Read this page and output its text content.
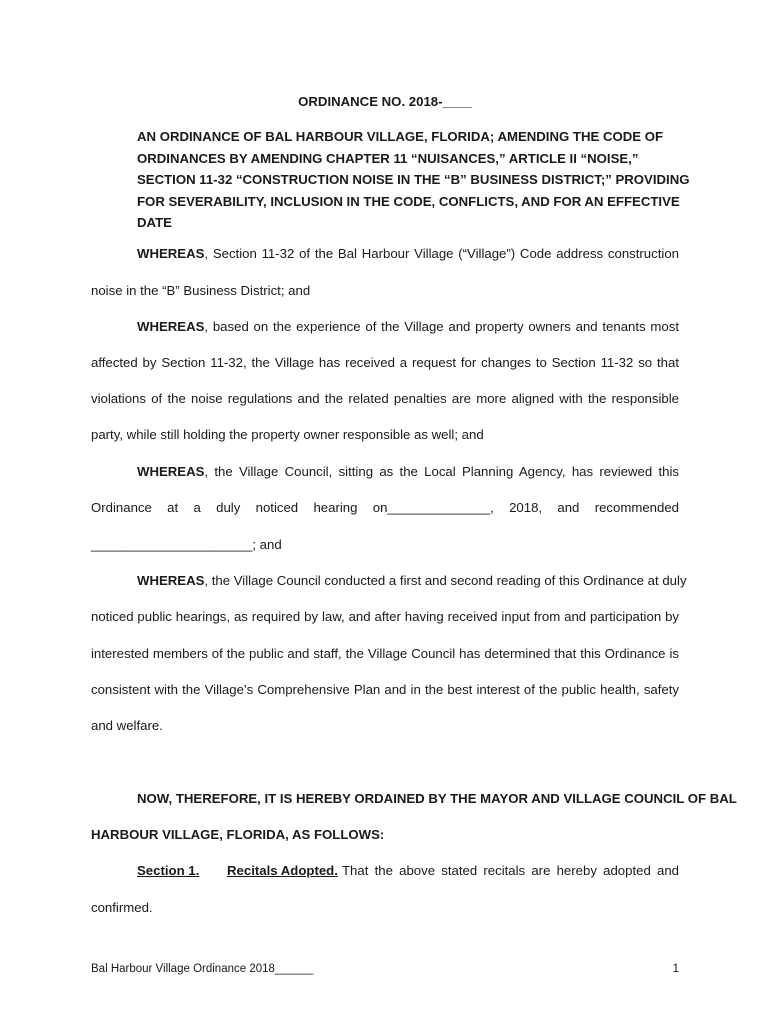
ORDINANCE NO. 2018-____
AN ORDINANCE OF BAL HARBOUR VILLAGE, FLORIDA; AMENDING THE CODE OF
ORDINANCES BY AMENDING CHAPTER 11 “NUISANCES,” ARTICLE II “NOISE,”
SECTION 11-32 “CONSTRUCTION NOISE IN THE “B” BUSINESS DISTRICT;” PROVIDING
FOR SEVERABILITY, INCLUSION IN THE CODE, CONFLICTS, AND FOR AN EFFECTIVE
DATE
WHEREAS, Section 11-32 of the Bal Harbour Village (“Village”) Code address construction
noise in the “B” Business District; and
WHEREAS, based on the experience of the Village and property owners and tenants most
affected by Section 11-32, the Village has received a request for changes to Section 11-32 so that
violations of the noise regulations and the related penalties are more aligned with the responsible
party, while still holding the property owner responsible as well; and
WHEREAS, the Village Council, sitting as the Local Planning Agency, has reviewed this
Ordinance at a duly noticed hearing on______________, 2018, and recommended
______________________; and
WHEREAS, the Village Council conducted a first and second reading of this Ordinance at duly
noticed public hearings, as required by law, and after having received input from and participation by
interested members of the public and staff, the Village Council has determined that this Ordinance is
consistent with the Village’s Comprehensive Plan and in the best interest of the public health, safety
and welfare.
NOW, THEREFORE, IT IS HEREBY ORDAINED BY THE MAYOR AND VILLAGE COUNCIL OF BAL
HARBOUR VILLAGE, FLORIDA, AS FOLLOWS:
Section 1. Recitals Adopted. That the above stated recitals are hereby adopted and
confirmed.
Bal Harbour Village Ordinance 2018______	1
